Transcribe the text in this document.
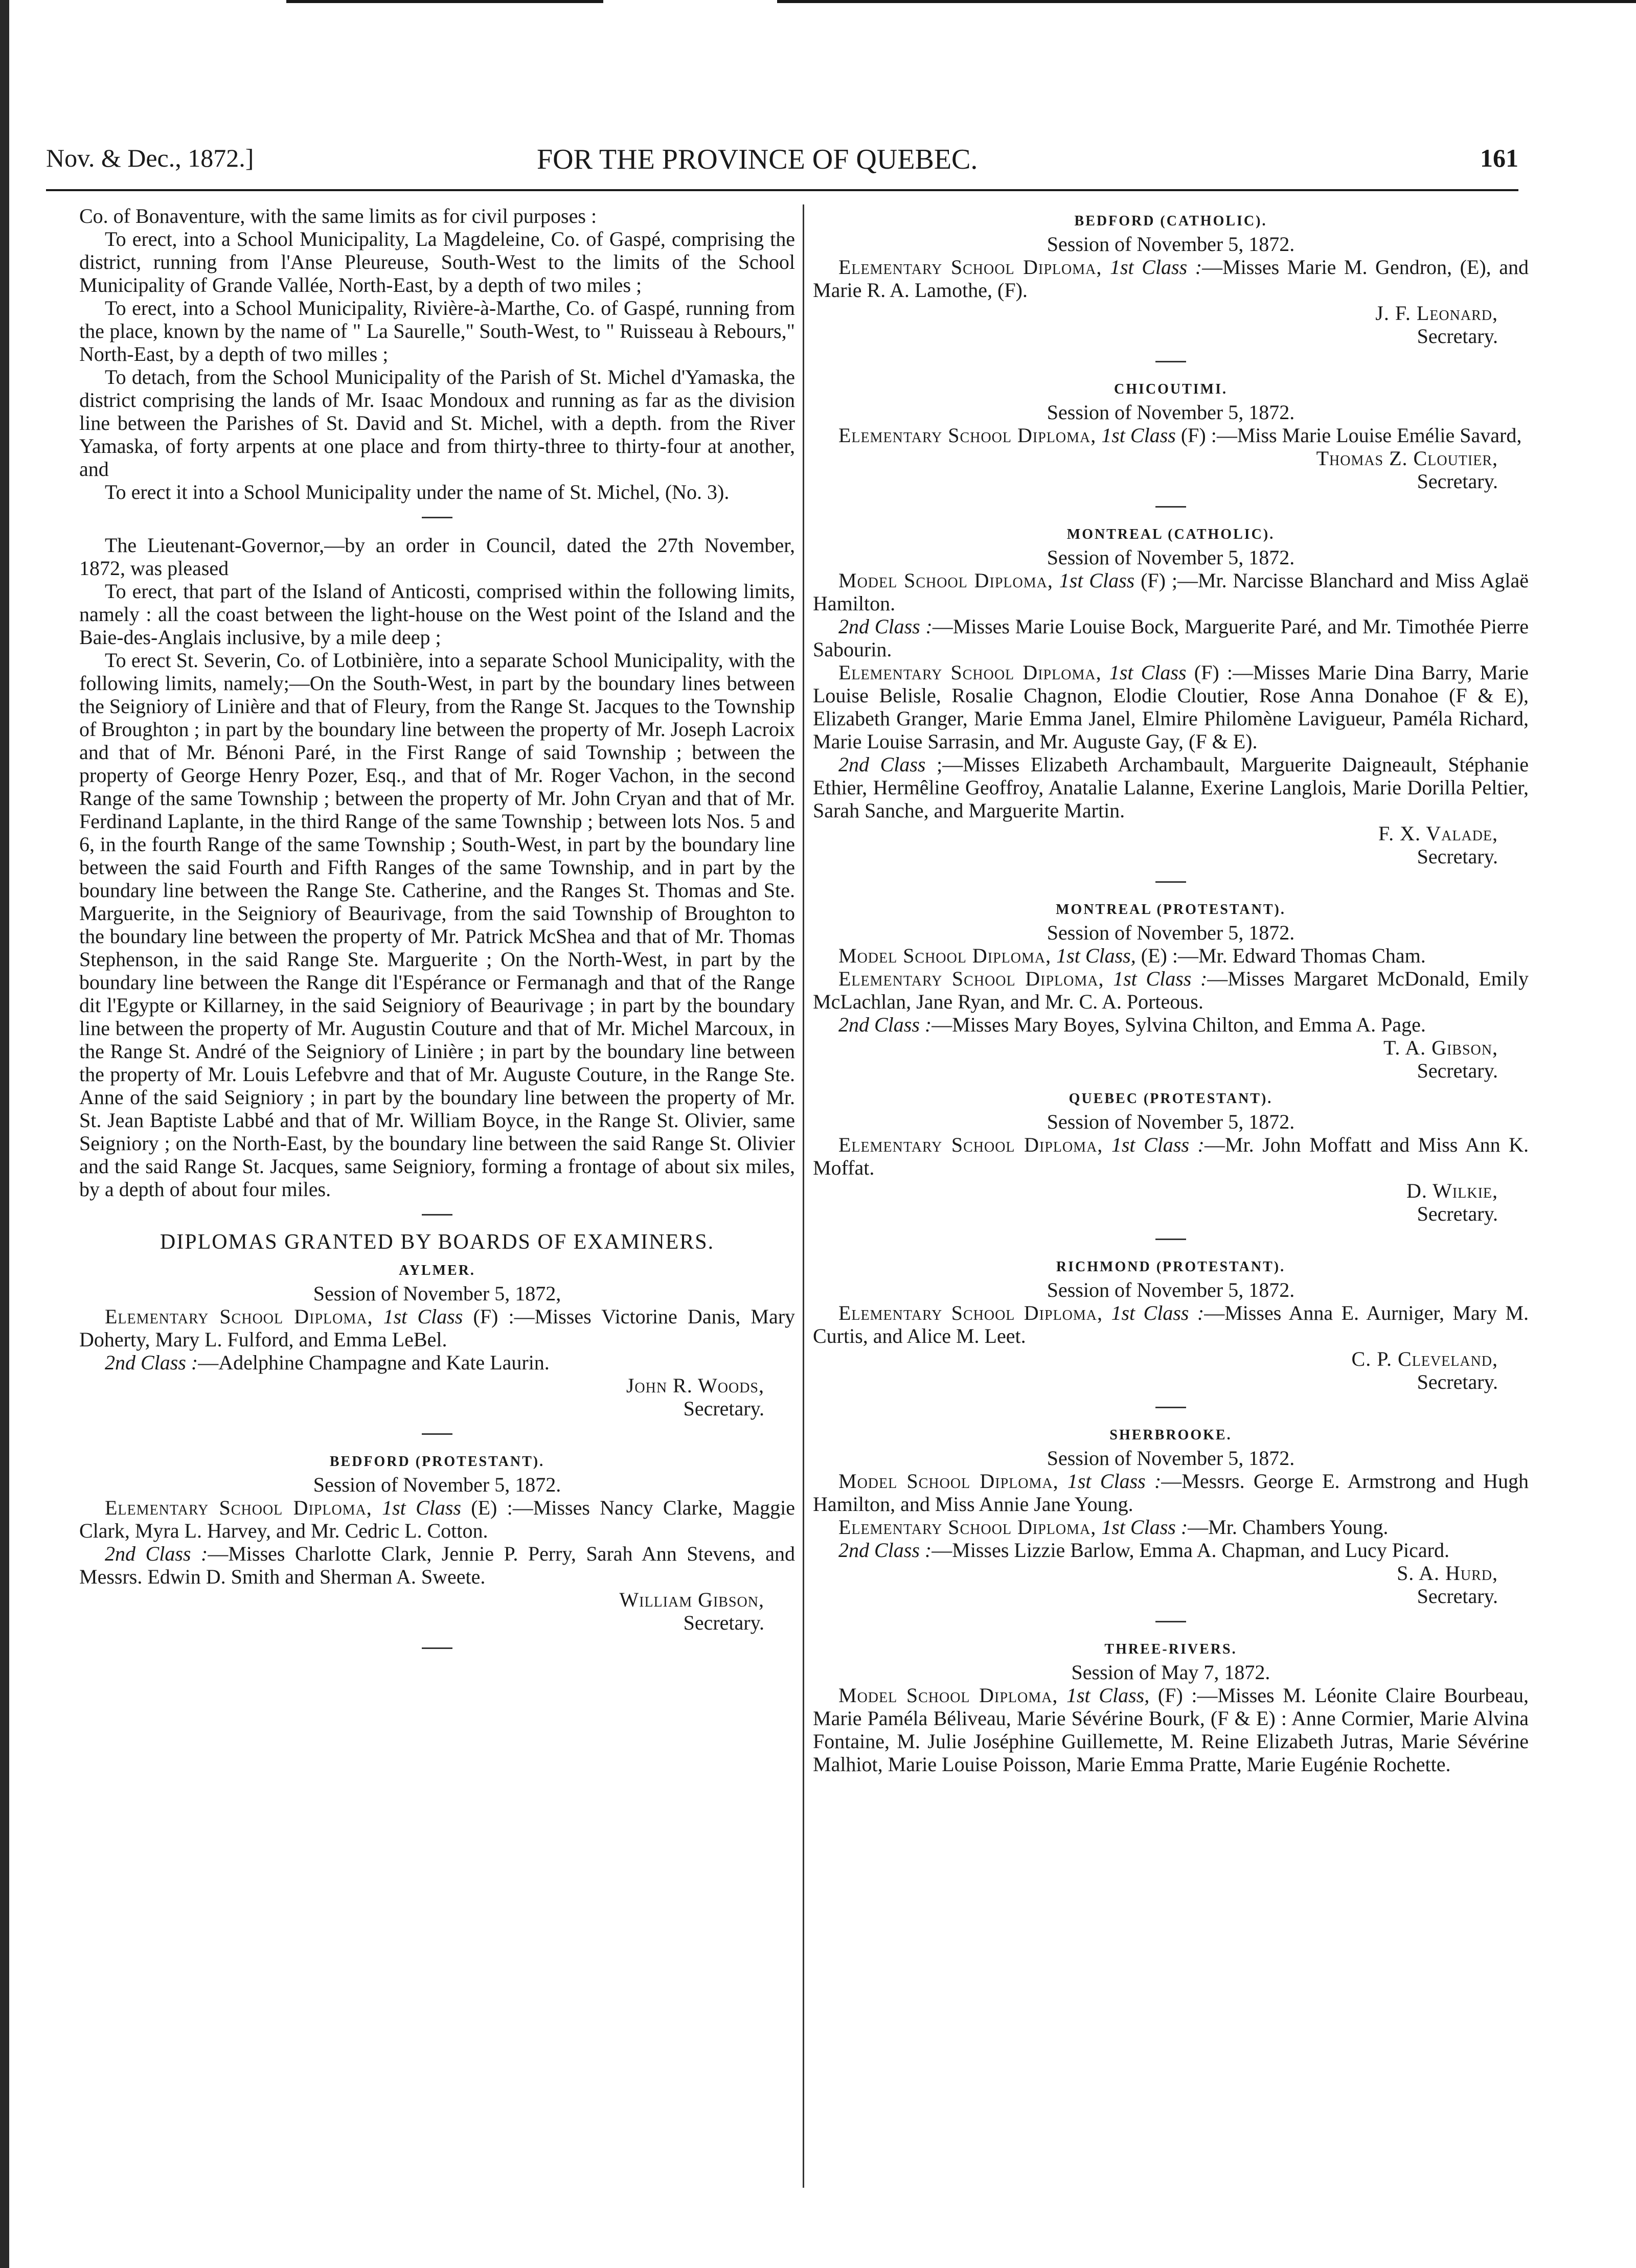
Nov. & Dec., 1872.]	FOR THE PROVINCE OF QUEBEC.	161

Co. of Bonaventure, with the same limits as for civil purposes :

To erect, into a School Municipality, La Magdeleine, Co. of Gaspé, comprising the district, running from l'Anse Pleureuse, South-West to the limits of the School Municipality of Grande Vallée, North-East, by a depth of two miles ;

To erect, into a School Municipality, Rivière-à-Marthe, Co. of Gaspé, running from the place, known by the name of " La Saurelle," South-West, to " Ruisseau à Rebours," North-East, by a depth of two milles ;

To detach, from the School Municipality of the Parish of St. Michel d'Yamaska, the district comprising the lands of Mr. Isaac Mondoux and running as far as the division line between the Parishes of St. David and St. Michel, with a depth. from the River Yamaska, of forty arpents at one place and from thirty-three to thirty-four at another, and

To erect it into a School Municipality under the name of St. Michel, (No. 3).

The Lieutenant-Governor,—by an order in Council, dated the 27th November, 1872, was pleased

To erect, that part of the Island of Anticosti, comprised within the following limits, namely : all the coast between the light-house on the West point of the Island and the Baie-des-Anglais inclusive, by a mile deep ;

To erect St. Severin, Co. of Lotbinière, into a separate School Municipality, with the following limits, namely;—On the South-West, in part by the boundary lines between the Seigniory of Linière and that of Fleury, from the Range St. Jacques to the Township of Broughton ; in part by the boundary line between the property of Mr. Joseph Lacroix and that of Mr. Bénoni Paré, in the First Range of said Township ; between the property of George Henry Pozer, Esq., and that of Mr. Roger Vachon, in the second Range of the same Township ; between the property of Mr. John Cryan and that of Mr. Ferdinand Laplante, in the third Range of the same Township ; between lots Nos. 5 and 6, in the fourth Range of the same Township ; South-West, in part by the boundary line between the said Fourth and Fifth Ranges of the same Township, and in part by the boundary line between the Range Ste. Catherine, and the Ranges St. Thomas and Ste. Marguerite, in the Seigniory of Beaurivage, from the said Township of Broughton to the boundary line between the property of Mr. Patrick McShea and that of Mr. Thomas Stephenson, in the said Range Ste. Marguerite ; On the North-West, in part by the boundary line between the Range dit l'Espérance or Fermanagh and that of the Range dit l'Egypte or Killarney, in the said Seigniory of Beaurivage ; in part by the boundary line between the property of Mr. Augustin Couture and that of Mr. Michel Marcoux, in the Range St. André of the Seigniory of Linière ; in part by the boundary line between the property of Mr. Louis Lefebvre and that of Mr. Auguste Couture, in the Range Ste. Anne of the said Seigniory ; in part by the boundary line between the property of Mr. St. Jean Baptiste Labbé and that of Mr. William Boyce, in the Range St. Olivier, same Seigniory ; on the North-East, by the boundary line between the said Range St. Olivier and the said Range St. Jacques, same Seigniory, forming a frontage of about six miles, by a depth of about four miles.

DIPLOMAS GRANTED BY BOARDS OF EXAMINERS.

AYLMER.

Session of November 5, 1872,

Elementary School Diploma, 1st Class (F) :—Misses Victorine Danis, Mary Doherty, Mary L. Fulford, and Emma LeBel.

2nd Class :—Adelphine Champagne and Kate Laurin.

John R. Woods,

Secretary.

BEDFORD (PROTESTANT).

Session of November 5, 1872.

Elementary School Diploma, 1st Class (E) :—Misses Nancy Clarke, Maggie Clark, Myra L. Harvey, and Mr. Cedric L. Cotton.

2nd Class :—Misses Charlotte Clark, Jennie P. Perry, Sarah Ann Stevens, and Messrs. Edwin D. Smith and Sherman A. Sweete.

William Gibson,

Secretary.

BEDFORD (CATHOLIC).

Session of November 5, 1872.

Elementary School Diploma, 1st Class :—Misses Marie M. Gendron, (E), and Marie R. A. Lamothe, (F).

J. F. Leonard,

Secretary.

CHICOUTIMI.

Session of November 5, 1872.

Elementary School Diploma, 1st Class (F) :—Miss Marie Louise Emélie Savard,

Thomas Z. Cloutier,

Secretary.

MONTREAL (CATHOLIC).

Session of November 5, 1872.

Model School Diploma, 1st Class (F) ;—Mr. Narcisse Blanchard and Miss Aglaë Hamilton.

2nd Class :—Misses Marie Louise Bock, Marguerite Paré, and Mr. Timothée Pierre Sabourin.

Elementary School Diploma, 1st Class (F) :—Misses Marie Dina Barry, Marie Louise Belisle, Rosalie Chagnon, Elodie Cloutier, Rose Anna Donahoe (F & E), Elizabeth Granger, Marie Emma Janel, Elmire Philomène Lavigueur, Paméla Richard, Marie Louise Sarrasin, and Mr. Auguste Gay, (F & E).

2nd Class ;—Misses Elizabeth Archambault, Marguerite Daigneault, Stéphanie Ethier, Hermêline Geoffroy, Anatalie Lalanne, Exerine Langlois, Marie Dorilla Peltier, Sarah Sanche, and Marguerite Martin.

F. X. Valade,

Secretary.

MONTREAL (PROTESTANT).

Session of November 5, 1872.

Model School Diploma, 1st Class, (E) :—Mr. Edward Thomas Cham.

Elementary School Diploma, 1st Class :—Misses Margaret McDonald, Emily McLachlan, Jane Ryan, and Mr. C. A. Porteous.

2nd Class :—Misses Mary Boyes, Sylvina Chilton, and Emma A. Page.

T. A. Gibson,

Secretary.

QUEBEC (PROTESTANT).

Session of November 5, 1872.

Elementary School Diploma, 1st Class :—Mr. John Moffatt and Miss Ann K. Moffat.

D. Wilkie,

Secretary.

RICHMOND (PROTESTANT).

Session of November 5, 1872.

Elementary School Diploma, 1st Class :—Misses Anna E. Aurniger, Mary M. Curtis, and Alice M. Leet.

C. P. Cleveland,

Secretary.

SHERBROOKE.

Session of November 5, 1872.

Model School Diploma, 1st Class :—Messrs. George E. Armstrong and Hugh Hamilton, and Miss Annie Jane Young.

Elementary School Diploma, 1st Class :—Mr. Chambers Young.

2nd Class :—Misses Lizzie Barlow, Emma A. Chapman, and Lucy Picard.

S. A. Hurd,

Secretary.

THREE-RIVERS.

Session of May 7, 1872.

Model School Diploma, 1st Class, (F) :—Misses M. Léonite Claire Bourbeau, Marie Paméla Béliveau, Marie Sévérine Bourk, (F & E) : Anne Cormier, Marie Alvina Fontaine, M. Julie Joséphine Guillemette, M. Reine Elizabeth Jutras, Marie Sévérine Malhiot, Marie Louise Poisson, Marie Emma Pratte, Marie Eugénie Rochette.
